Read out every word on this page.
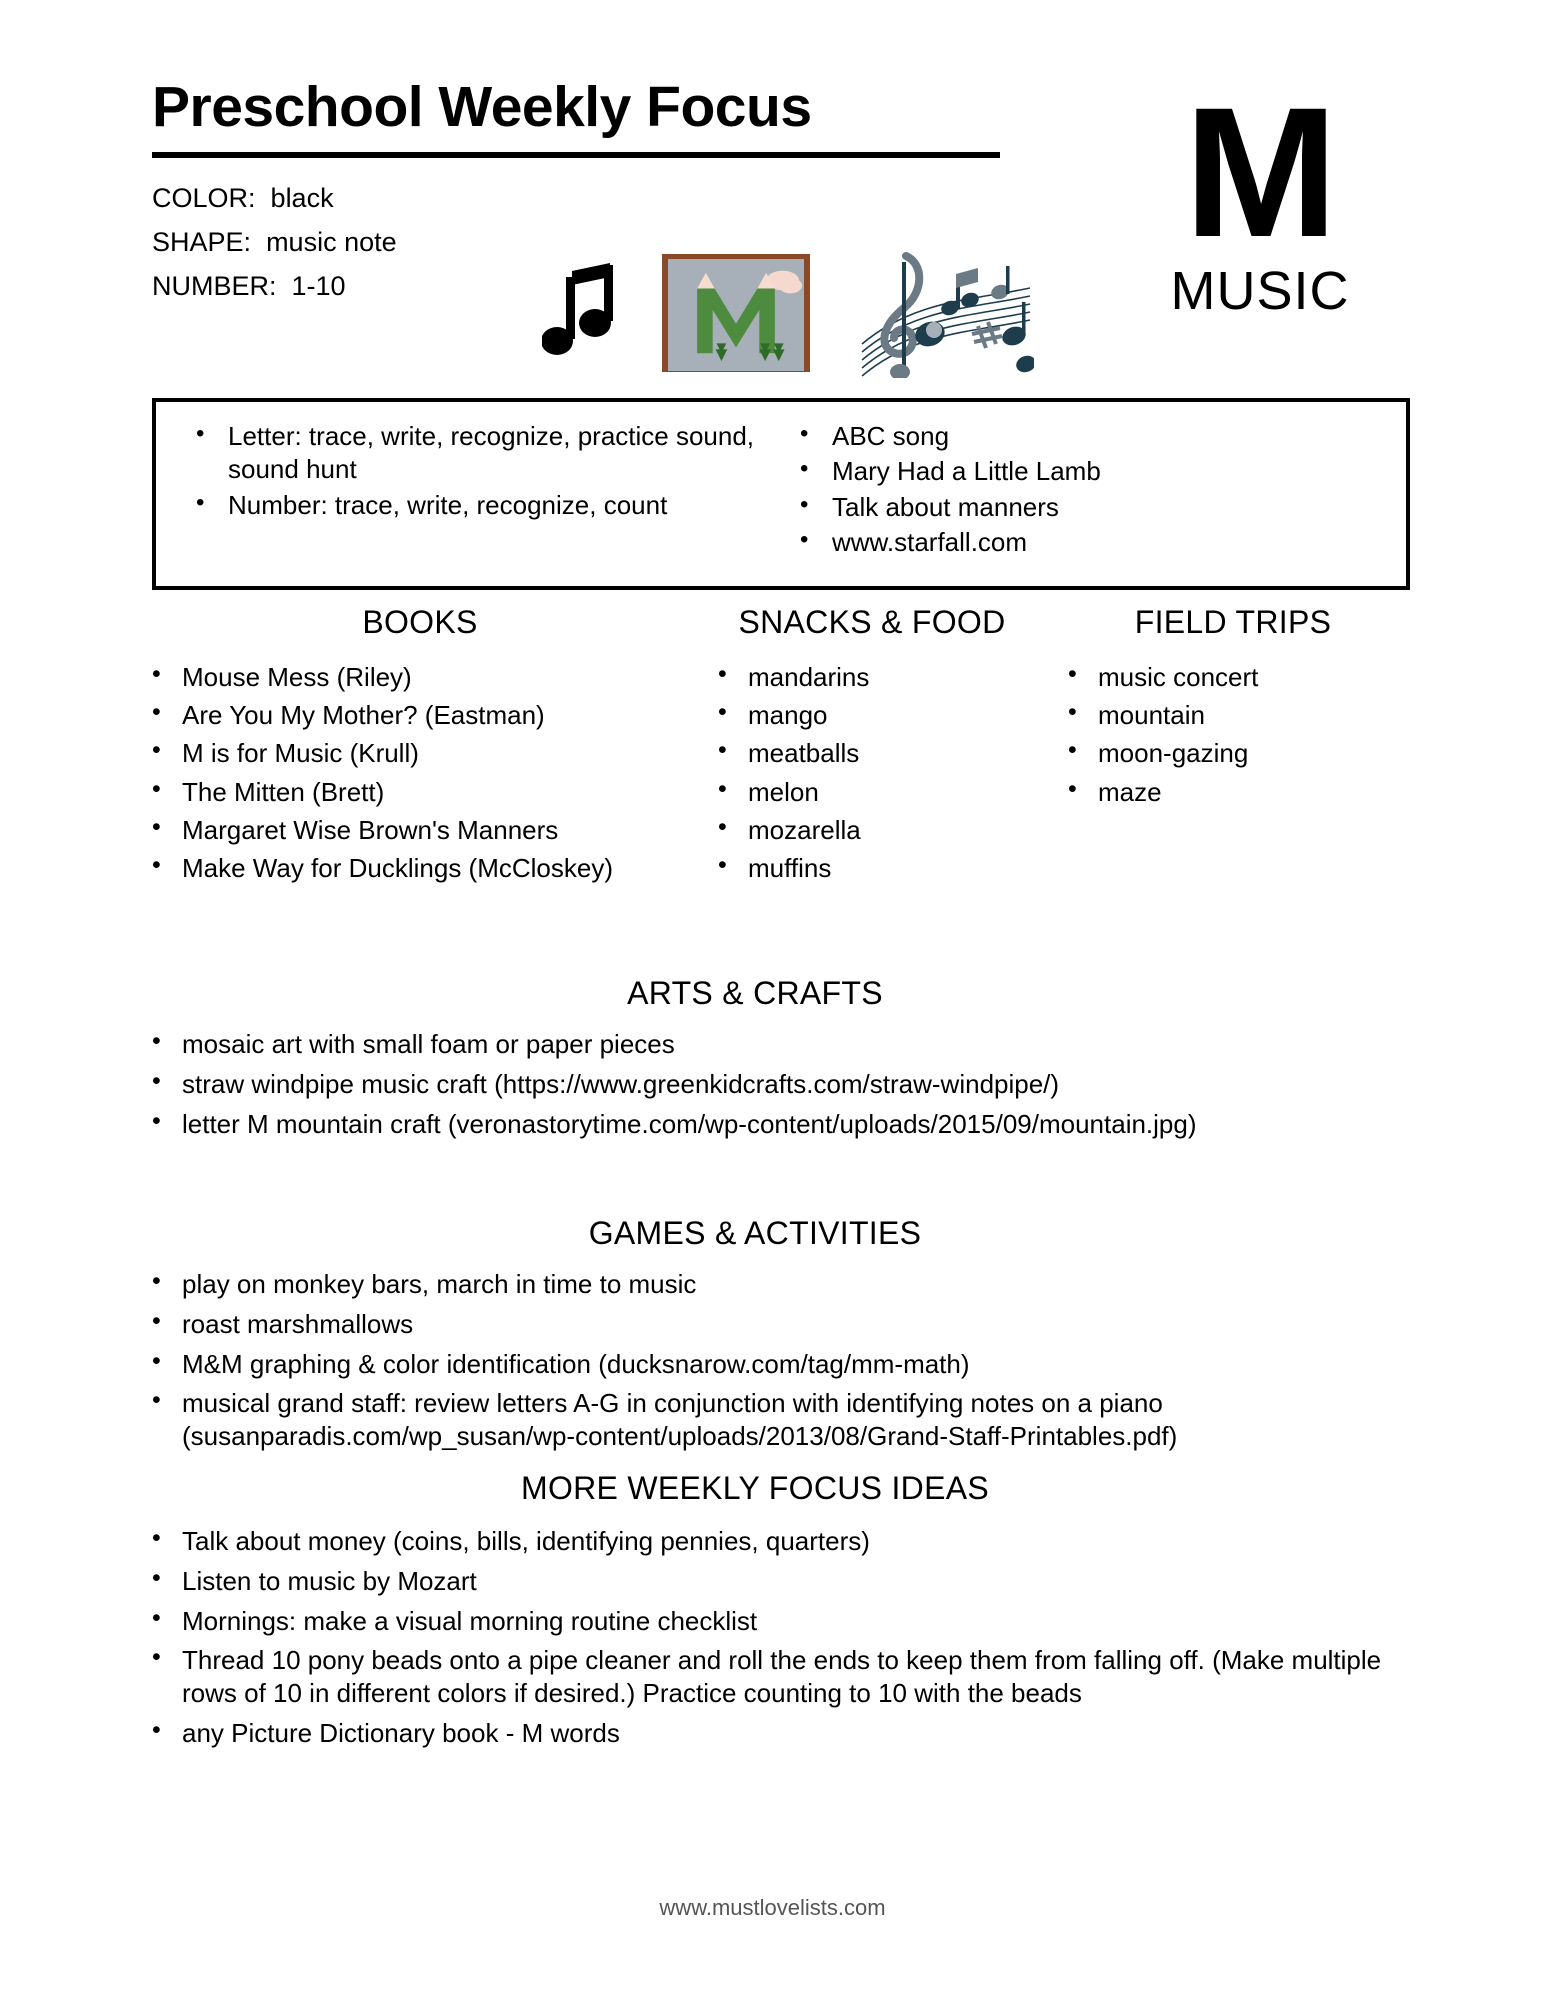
Preschool Weekly Focus
COLOR: black
SHAPE: music note
NUMBER: 1-10
M
MUSIC
• Letter: trace, write, recognize, practice sound, sound hunt
• Number: trace, write, recognize, count
• ABC song
• Mary Had a Little Lamb
• Talk about manners
• www.starfall.com
BOOKS
• Mouse Mess (Riley)
• Are You My Mother? (Eastman)
• M is for Music (Krull)
• The Mitten (Brett)
• Margaret Wise Brown's Manners
• Make Way for Ducklings (McCloskey)
SNACKS & FOOD
• mandarins
• mango
• meatballs
• melon
• mozarella
• muffins
FIELD TRIPS
• music concert
• mountain
• moon-gazing
• maze
ARTS & CRAFTS
• mosaic art with small foam or paper pieces
• straw windpipe music craft (https://www.greenkidcrafts.com/straw-windpipe/)
• letter M mountain craft (veronastorytime.com/wp-content/uploads/2015/09/mountain.jpg)
GAMES & ACTIVITIES
• play on monkey bars, march in time to music
• roast marshmallows
• M&M graphing & color identification (ducksnarow.com/tag/mm-math)
• musical grand staff: review letters A-G in conjunction with identifying notes on a piano (susanparadis.com/wp_susan/wp-content/uploads/2013/08/Grand-Staff-Printables.pdf)
MORE WEEKLY FOCUS IDEAS
• Talk about money (coins, bills, identifying pennies, quarters)
• Listen to music by Mozart
• Mornings: make a visual morning routine checklist
• Thread 10 pony beads onto a pipe cleaner and roll the ends to keep them from falling off. (Make multiple rows of 10 in different colors if desired.) Practice counting to 10 with the beads
• any Picture Dictionary book - M words
www.mustlovelists.com
